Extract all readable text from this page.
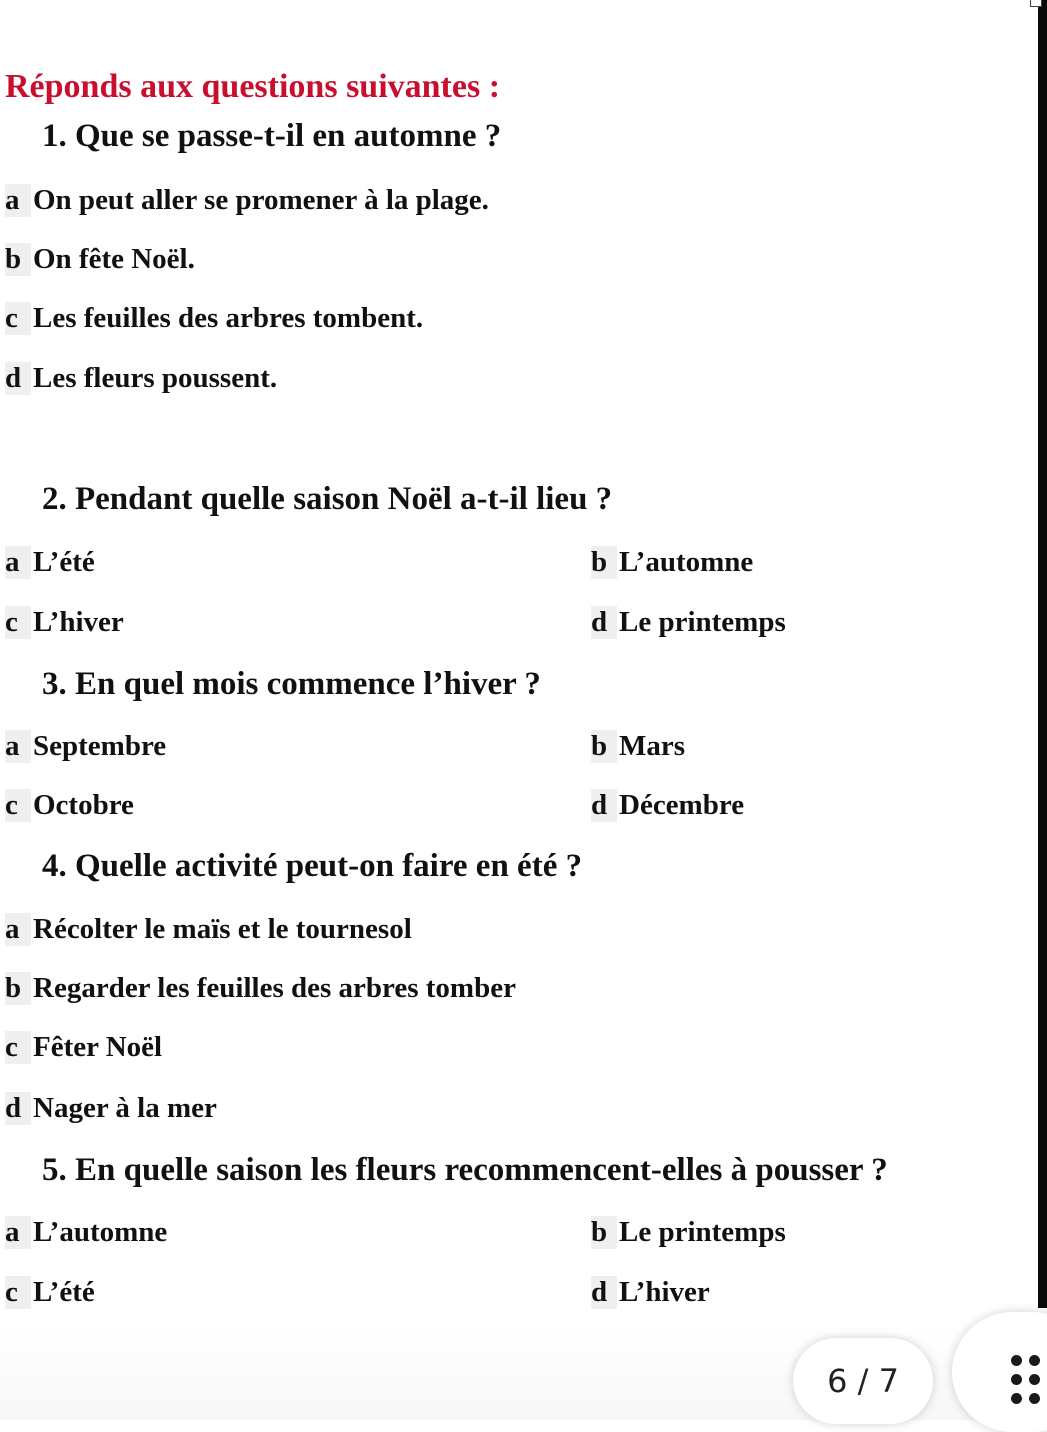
Réponds aux questions suivantes :
1. Que se passe-t-il en automne ?
a On peut aller se promener à la plage.
b On fête Noël.
c Les feuilles des arbres tombent.
d Les fleurs poussent.
2. Pendant quelle saison Noël a-t-il lieu ?
a L’été	b L’automne
c L’hiver	d Le printemps
3. En quel mois commence l’hiver ?
a Septembre	b Mars
c Octobre	d Décembre
4. Quelle activité peut-on faire en été ?
a Récolter le maïs et le tournesol
b Regarder les feuilles des arbres tomber
c Fêter Noël
d Nager à la mer
5. En quelle saison les fleurs recommencent-elles à pousser ?
a L’automne	b Le printemps
c L’été	d L’hiver
6 / 7
